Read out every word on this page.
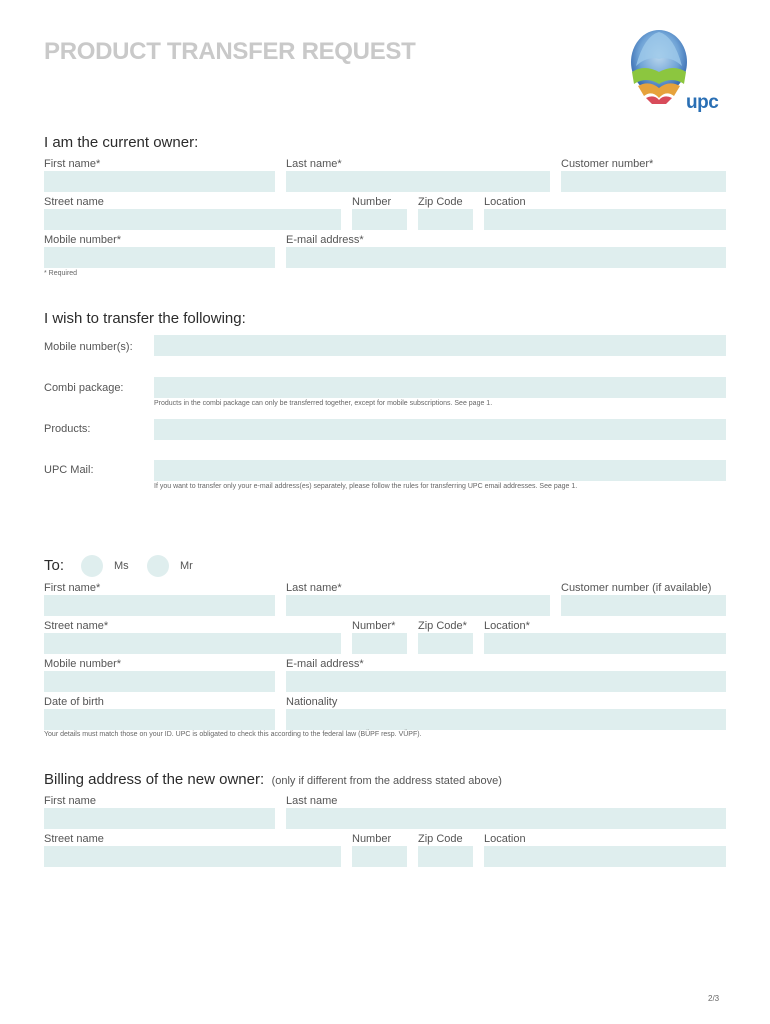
PRODUCT TRANSFER REQUEST
upc
I am the current owner:
First name*	Last name*	Customer number*
Street name	Number Zip Code Location
Mobile number*	E-mail address*
* Required
I wish to transfer the following:
Mobile number(s):
Combi package:
Products in the combi package can only be transferred together, except for mobile subscriptions. See page 1.
Products:
UPC Mail:
If you want to transfer only your e-mail address(es) separately, please follow the rules for transferring UPC email addresses. See page 1.
To:	Ms	Mr
First name*	Last name*	Customer number (if available)
Street name*	Number* Zip Code* Location*
Mobile number*	E-mail address*
Date of birth	Nationality
Your details must match those on your ID. UPC is obligated to check this according to the federal law (BÜPF resp. VÜPF).
Billing address of the new owner: (only if different from the address stated above)
First name	Last name
Street name	Number Zip Code Location
2/3
